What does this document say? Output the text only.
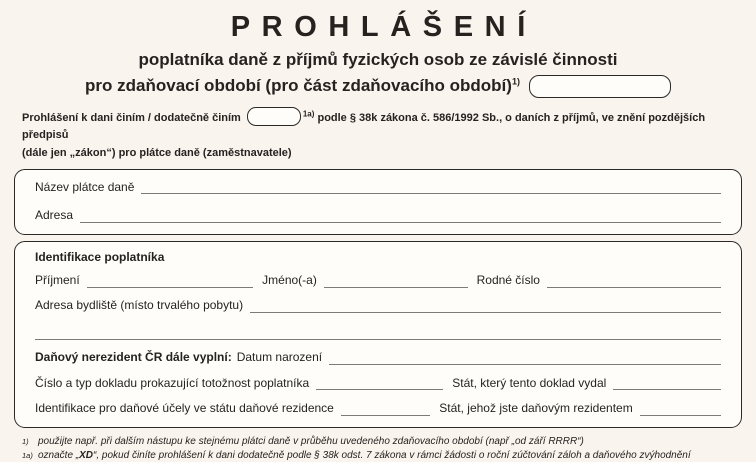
PROHLÁŠENÍ
poplatníka daně z příjmů fyzických osob ze závislé činnosti
pro zdaňovací období (pro část zdaňovacího období)$^{1)}$
Prohlášení k dani činím / dodatečně činím	$^{1a)}$ podle § 38k zákona č. 586/1992 Sb., o daních z příjmů, ve znění pozdějších předpisů
(dále jen „zákon“) pro plátce daně (zaměstnavatele)
Název plátce daně
Adresa
Identifikace poplatníka
Příjmení	Jméno(-a)	Rodné číslo
Adresa bydliště (místo trvalého pobytu)
Daňový nerezident ČR dále vyplní: Datum narození
Číslo a typ dokladu prokazující totožnost poplatníka	Stát, který tento doklad vydal
Identifikace pro daňové účely ve státu daňové rezidence	Stát, jehož jste daňovým rezidentem
1) použijte např. při dalším nástupu ke stejnému plátci daně v průběhu uvedeného zdaňovacího období (např „od září RRRR“)
1a) označte „XD“, pokud činíte prohlášení k dani dodatečně podle § 38k odst. 7 zákona v rámci žádosti o roční zúčtování záloh a daňového zvýhodnění
